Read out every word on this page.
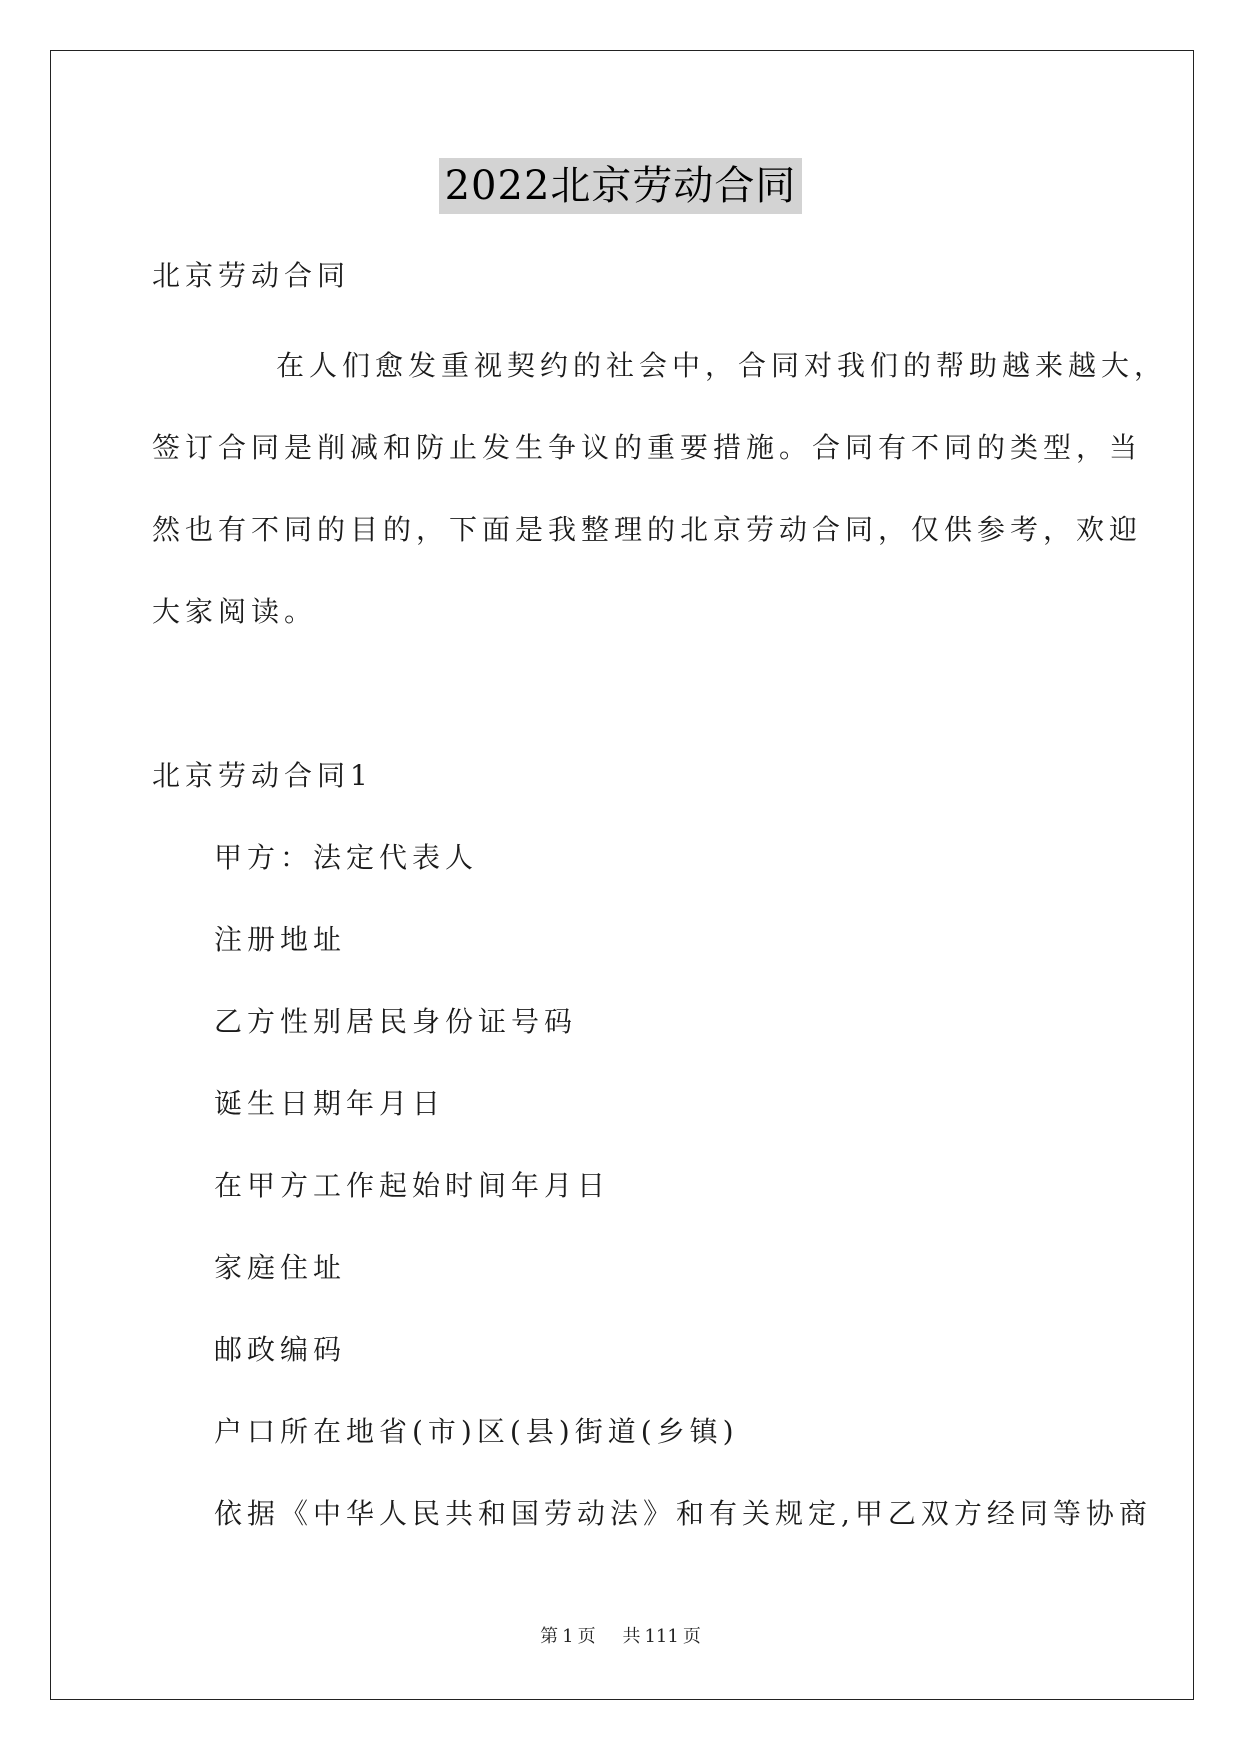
2022北京劳动合同
北京劳动合同
在人们愈发重视契约的社会中，合同对我们的帮助越来越大，
签订合同是削减和防止发生争议的重要措施。合同有不同的类型，当
然也有不同的目的，下面是我整理的北京劳动合同，仅供参考，欢迎
大家阅读。
北京劳动合同1
甲方：法定代表人
注册地址
乙方性别居民身份证号码
诞生日期年月日
在甲方工作起始时间年月日
家庭住址
邮政编码
户口所在地省(市)区(县)街道(乡镇)
依据《中华人民共和国劳动法》和有关规定,甲乙双方经同等协商
第 1 页 共 111 页
